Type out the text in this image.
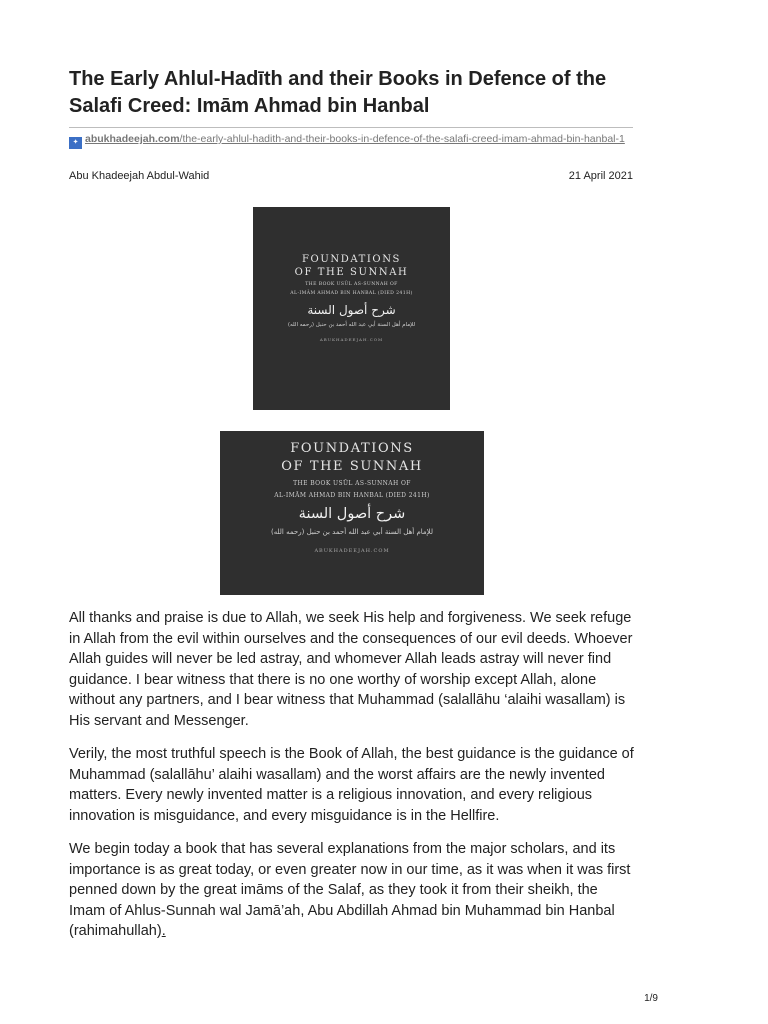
The Early Ahlul-Hadīth and their Books in Defence of the Salafi Creed: Imām Ahmad bin Hanbal
✦ abukhadeejah.com/the-early-ahlul-hadith-and-their-books-in-defence-of-the-salafi-creed-imam-ahmad-bin-hanbal-1
Abu Khadeejah Abdul-Wahid	21 April 2021
FOUNDATIONS
OF THE SUNNAH
THE BOOK USŪL AS-SUNNAH OF
AL-IMĀM AHMAD BIN HANBAL (DIED 241H)
شرح أصول السنة
للإمام أهل السنة أبي عبد الله أحمد بن حنبل (رحمه الله)
ABUKHADEEJAH.COM
FOUNDATIONS
OF THE SUNNAH
THE BOOK USŪL AS-SUNNAH OF
AL-IMĀM AHMAD BIN HANBAL (DIED 241H)
شرح أصول السنة
للإمام أهل السنة أبي عبد الله أحمد بن حنبل (رحمه الله)
ABUKHADEEJAH.COM

All thanks and praise is due to Allah, we seek His help and forgiveness. We seek refuge in Allah from the evil within ourselves and the consequences of our evil deeds. Whoever Allah guides will never be led astray, and whomever Allah leads astray will never find guidance. I bear witness that there is no one worthy of worship except Allah, alone without any partners, and I bear witness that Muhammad (salallāhu ‘alaihi wasallam) is His servant and Messenger.

Verily, the most truthful speech is the Book of Allah, the best guidance is the guidance of Muhammad (salallāhu’ alaihi wasallam) and the worst affairs are the newly invented matters. Every newly invented matter is a religious innovation, and every religious innovation is misguidance, and every misguidance is in the Hellfire.

We begin today a book that has several explanations from the major scholars, and its importance is as great today, or even greater now in our time, as it was when it was first penned down by the great imāms of the Salaf, as they took it from their sheikh, the Imam of Ahlus-Sunnah wal Jamā’ah, Abu Abdillah Ahmad bin Muhammad bin Hanbal (rahimahullah).

1/9
